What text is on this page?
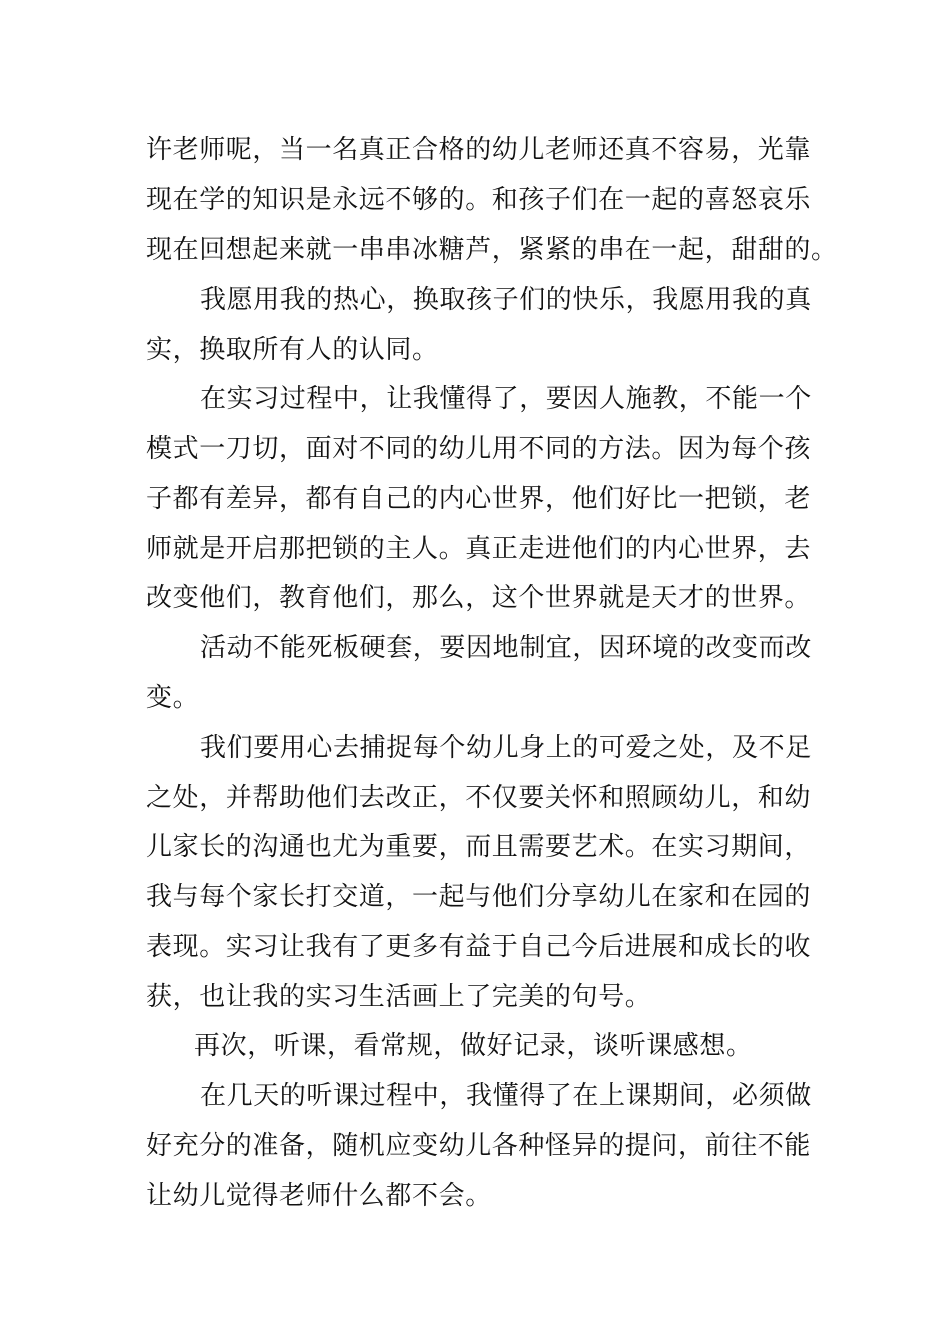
许老师呢，当一名真正合格的幼儿老师还真不容易，光靠
现在学的知识是永远不够的。和孩子们在一起的喜怒哀乐
现在回想起来就一串串冰糖芦，紧紧的串在一起，甜甜的。
我愿用我的热心，换取孩子们的快乐，我愿用我的真
实，换取所有人的认同。
在实习过程中，让我懂得了，要因人施教，不能一个
模式一刀切，面对不同的幼儿用不同的方法。因为每个孩
子都有差异，都有自己的内心世界，他们好比一把锁，老
师就是开启那把锁的主人。真正走进他们的内心世界，去
改变他们，教育他们，那么，这个世界就是天才的世界。
活动不能死板硬套，要因地制宜，因环境的改变而改
变。
我们要用心去捕捉每个幼儿身上的可爱之处，及不足
之处，并帮助他们去改正，不仅要关怀和照顾幼儿，和幼
儿家长的沟通也尤为重要，而且需要艺术。在实习期间，
我与每个家长打交道，一起与他们分享幼儿在家和在园的
表现。实习让我有了更多有益于自己今后进展和成长的收
获，也让我的实习生活画上了完美的句号。
再次，听课，看常规，做好记录，谈听课感想。
在几天的听课过程中，我懂得了在上课期间，必须做
好充分的准备，随机应变幼儿各种怪异的提问，前往不能
让幼儿觉得老师什么都不会。
